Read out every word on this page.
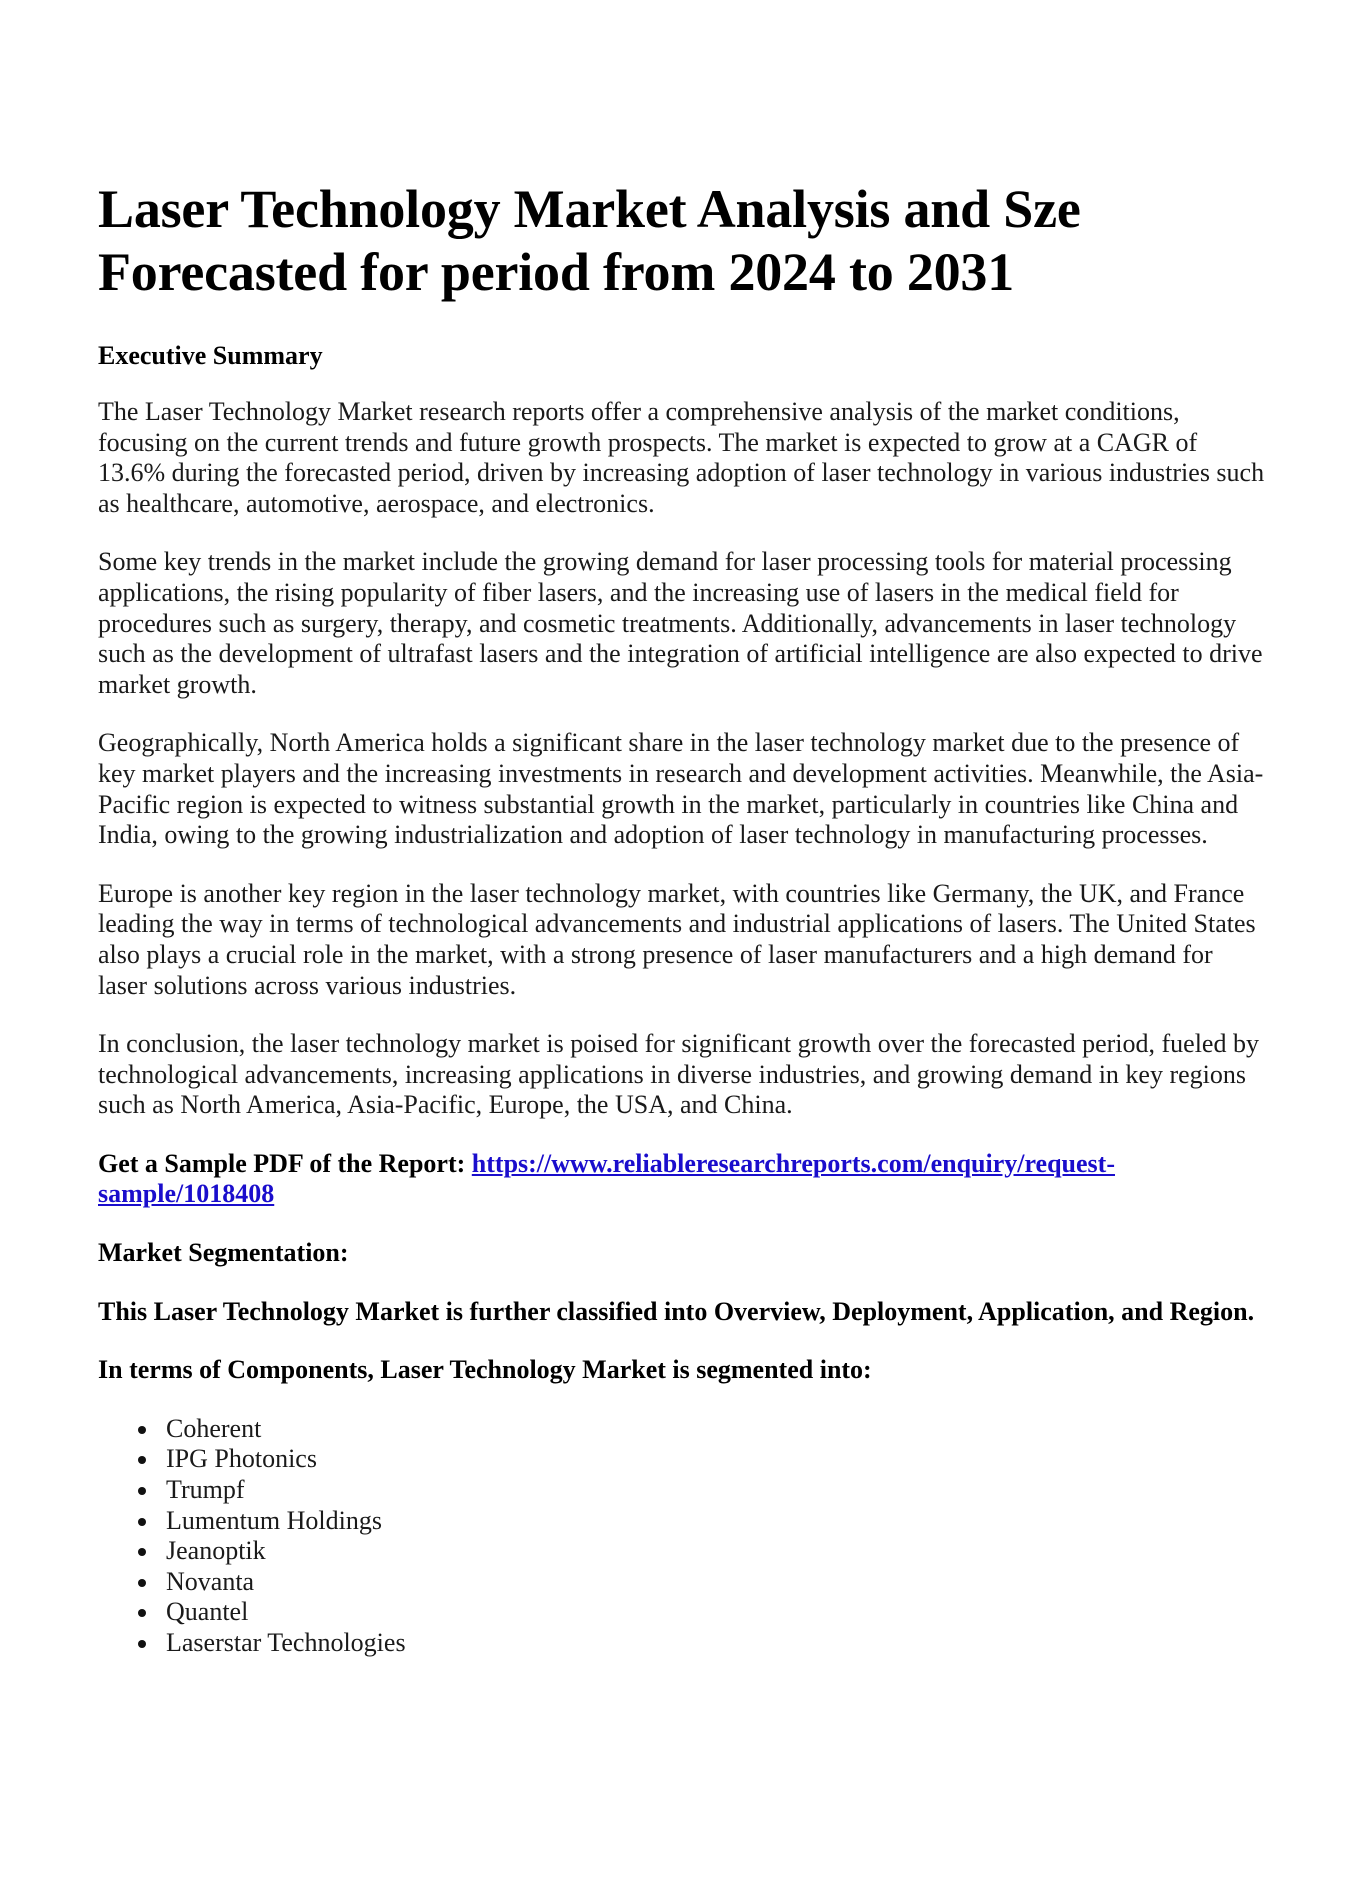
Laser Technology Market Analysis and Sze
Forecasted for period from 2024 to 2031
Executive Summary

The Laser Technology Market research reports offer a comprehensive analysis of the market conditions, focusing on the current trends and future growth prospects. The market is expected to grow at a CAGR of 13.6% during the forecasted period, driven by increasing adoption of laser technology in various industries such as healthcare, automotive, aerospace, and electronics.

Some key trends in the market include the growing demand for laser processing tools for material processing applications, the rising popularity of fiber lasers, and the increasing use of lasers in the medical field for procedures such as surgery, therapy, and cosmetic treatments. Additionally, advancements in laser technology such as the development of ultrafast lasers and the integration of artificial intelligence are also expected to drive market growth.

Geographically, North America holds a significant share in the laser technology market due to the presence of key market players and the increasing investments in research and development activities. Meanwhile, the Asia-Pacific region is expected to witness substantial growth in the market, particularly in countries like China and India, owing to the growing industrialization and adoption of laser technology in manufacturing processes.

Europe is another key region in the laser technology market, with countries like Germany, the UK, and France leading the way in terms of technological advancements and industrial applications of lasers. The United States also plays a crucial role in the market, with a strong presence of laser manufacturers and a high demand for laser solutions across various industries.

In conclusion, the laser technology market is poised for significant growth over the forecasted period, fueled by technological advancements, increasing applications in diverse industries, and growing demand in key regions such as North America, Asia-Pacific, Europe, the USA, and China.

Get a Sample PDF of the Report: https://www.reliableresearchreports.com/enquiry/request-sample/1018408

Market Segmentation:

This Laser Technology Market is further classified into Overview, Deployment, Application, and Region.

In terms of Components, Laser Technology Market is segmented into:

Coherent
IPG Photonics
Trumpf
Lumentum Holdings
Jeanoptik
Novanta
Quantel
Laserstar Technologies
